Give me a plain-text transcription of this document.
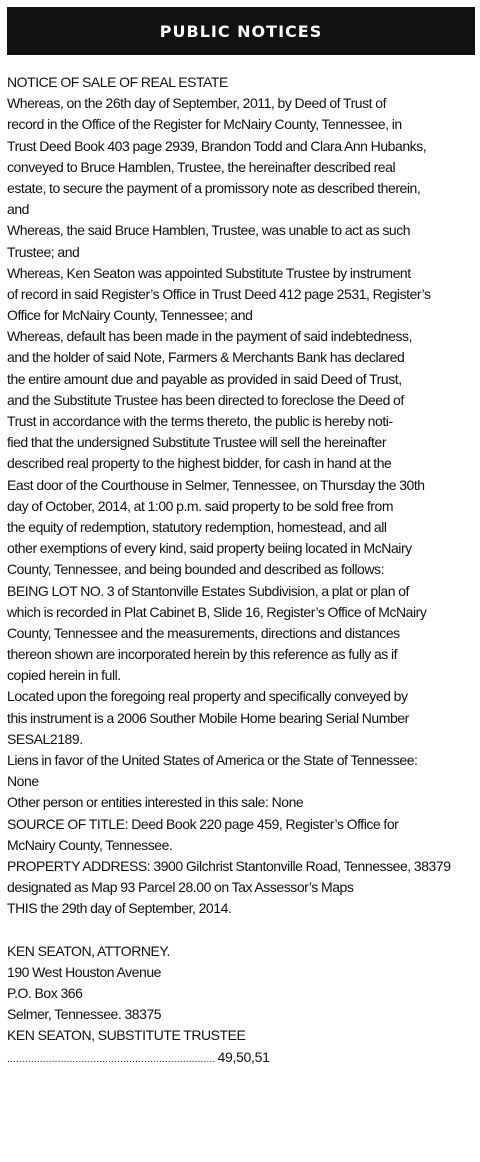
PUBLIC NOTICES
NOTICE OF SALE OF REAL ESTATE
Whereas, on the 26th day of September, 2011, by Deed of Trust of
record in the Office of the Register for McNairy County, Tennessee, in
Trust Deed Book 403 page 2939, Brandon Todd and Clara Ann Hubanks,
conveyed to Bruce Hamblen, Trustee, the hereinafter described real
estate, to secure the payment of a promissory note as described therein,
and
Whereas, the said Bruce Hamblen, Trustee, was unable to act as such
Trustee; and
Whereas, Ken Seaton was appointed Substitute Trustee by instrument
of record in said Register’s Office in Trust Deed 412 page 2531, Register’s
Office for McNairy County, Tennessee; and
Whereas, default has been made in the payment of said indebtedness,
and the holder of said Note, Farmers & Merchants Bank has declared
the entire amount due and payable as provided in said Deed of Trust,
and the Substitute Trustee has been directed to foreclose the Deed of
Trust in accordance with the terms thereto, the public is hereby noti-
fied that the undersigned Substitute Trustee will sell the hereinafter
described real property to the highest bidder, for cash in hand at the
East door of the Courthouse in Selmer, Tennessee, on Thursday the 30th
day of October, 2014, at 1:00 p.m. said property to be sold free from
the equity of redemption, statutory redemption, homestead, and all
other exemptions of every kind, said property beiing located in McNairy
County, Tennessee, and being bounded and described as follows:
BEING LOT NO. 3 of Stantonville Estates Subdivision, a plat or plan of
which is recorded in Plat Cabinet B, Slide 16, Register’s Office of McNairy
County, Tennessee and the measurements, directions and distances
thereon shown are incorporated herein by this reference as fully as if
copied herein in full.
Located upon the foregoing real property and specifically conveyed by
this instrument is a 2006 Souther Mobile Home bearing Serial Number
SESAL2189.
Liens in favor of the United States of America or the State of Tennessee:
None
Other person or entities interested in this sale: None
SOURCE OF TITLE: Deed Book 220 page 459, Register’s Office for
McNairy County, Tennessee.
PROPERTY ADDRESS: 3900 Gilchrist Stantonville Road, Tennessee, 38379
designated as Map 93 Parcel 28.00 on Tax Assessor’s Maps
THIS the 29th day of September, 2014.
KEN SEATON, ATTORNEY.
190 West Houston Avenue
P.O. Box 366
Selmer, Tennessee. 38375
KEN SEATON, SUBSTITUTE TRUSTEE
...................................................................... 49,50,51
